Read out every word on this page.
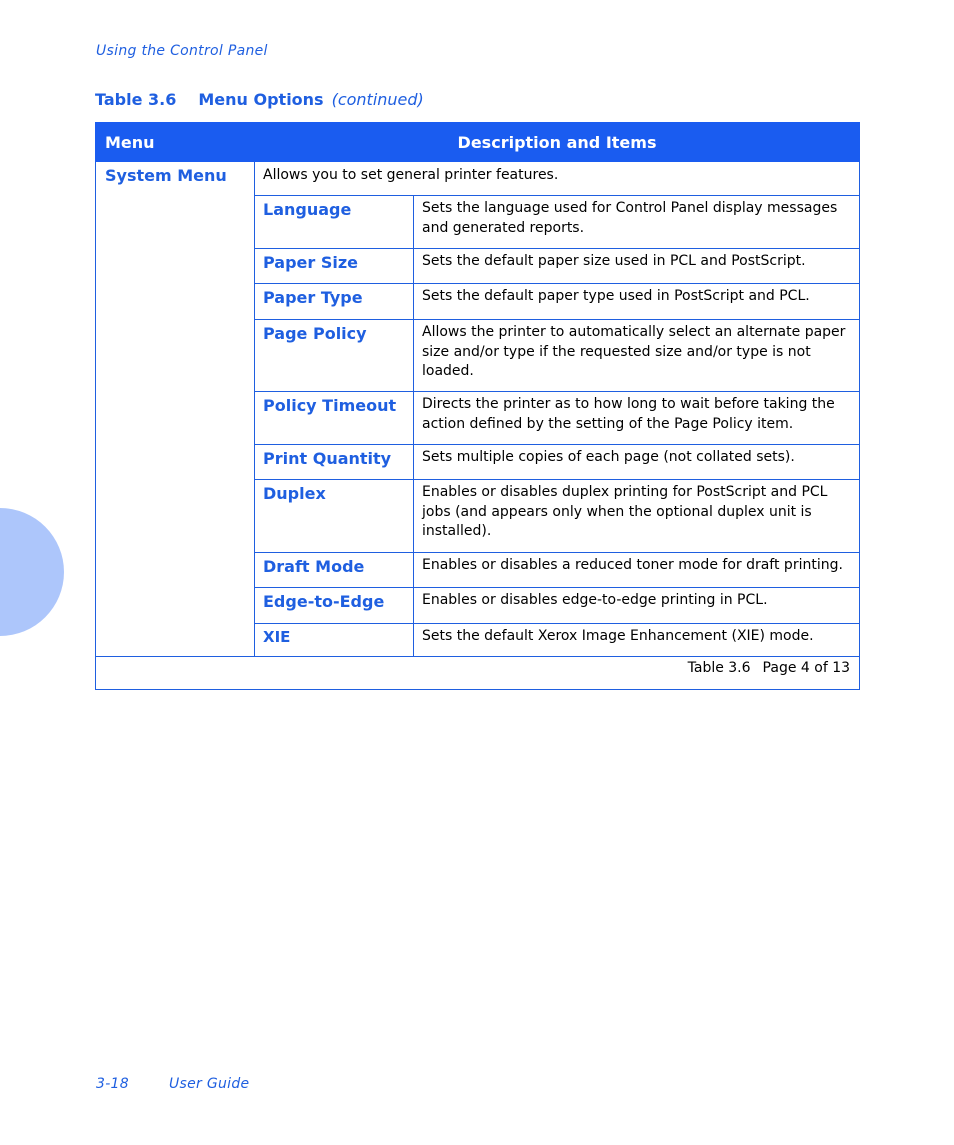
Using the Control Panel
Table 3.6 Menu Options (continued)
Menu	Description and Items	
System Menu	Allows you to set general printer features.	
	Language	Sets the language used for Control Panel display messages and generated reports.
	Paper Size	Sets the default paper size used in PCL and PostScript.
	Paper Type	Sets the default paper type used in PostScript and PCL.
	Page Policy	Allows the printer to automatically select an alternate paper size and/or type if the requested size and/or type is not loaded.
	Policy Timeout	Directs the printer as to how long to wait before taking the action defined by the setting of the Page Policy item.
	Print Quantity	Sets multiple copies of each page (not collated sets).
	Duplex	Enables or disables duplex printing for PostScript and PCL jobs (and appears only when the optional duplex unit is installed).
	Draft Mode	Enables or disables a reduced toner mode for draft printing.
	Edge-to-Edge	Enables or disables edge-to-edge printing in PCL.
	XIE	Sets the default Xerox Image Enhancement (XIE) mode.
Table 3.6 Page 4 of 13		
3-18	User Guide
